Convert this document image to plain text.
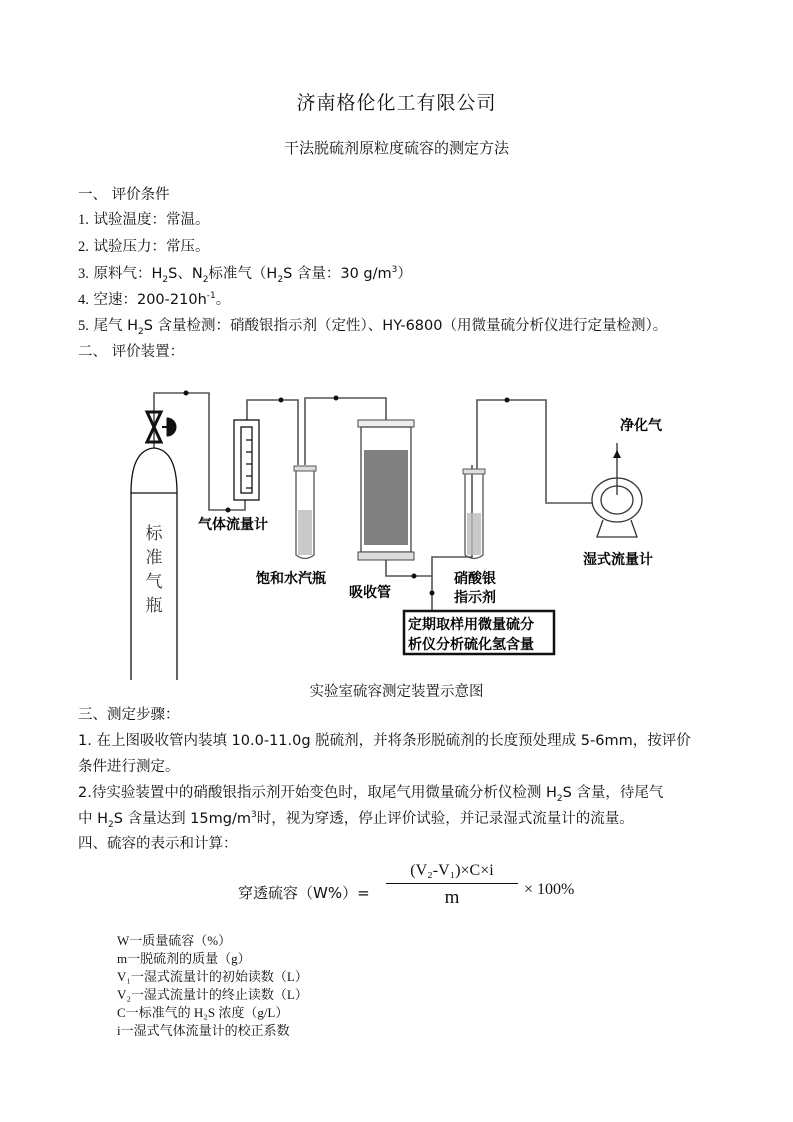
济南格伦化工有限公司
干法脱硫剂原粒度硫容的测定方法
一、 评价条件
1. 试验温度：常温。
2. 试验压力：常压。
3. 原料气：$H_2S$、$N_2$标准气（$H_2S$ 含量：30 $g/m^3$）
4. 空速：$200-210h^{-1}$。
5. 尾气 $H_2S$ 含量检测：硝酸银指示剂（定性）、HY-6800（用微量硫分析仪进行定量检测）。
二、 评价装置：
标
准
气
瓶
气体流量计
饱和水汽瓶
吸收管
硝酸银
指示剂
定期取样用微量硫分
析仪分析硫化氢含量
净化气
湿式流量计
实验室硫容测定装置示意图
三、测定步骤：
1. 在上图吸收管内装填 10.0-11.0g 脱硫剂，并将条形脱硫剂的长度预处理成 5-6mm，按评价
条件进行测定。
2.待实验装置中的硝酸银指示剂开始变色时，取尾气用微量硫分析仪检测 $H_2S$ 含量，待尾气
中 $H_2S$ 含量达到 $15mg/m^3$时，视为穿透，停止评价试验，并记录湿式流量计的流量。
四、硫容的表示和计算：
穿透硫容（W%）=
(V₂-V₁)×C×i
m	× 100%
W一质量硫容（%）
m一脱硫剂的质量（g）
V₁一湿式流量计的初始读数（L）
V₂一湿式流量计的终止读数（L）
C一标准气的 H₂S 浓度（g/L）
i一湿式气体流量计的校正系数
